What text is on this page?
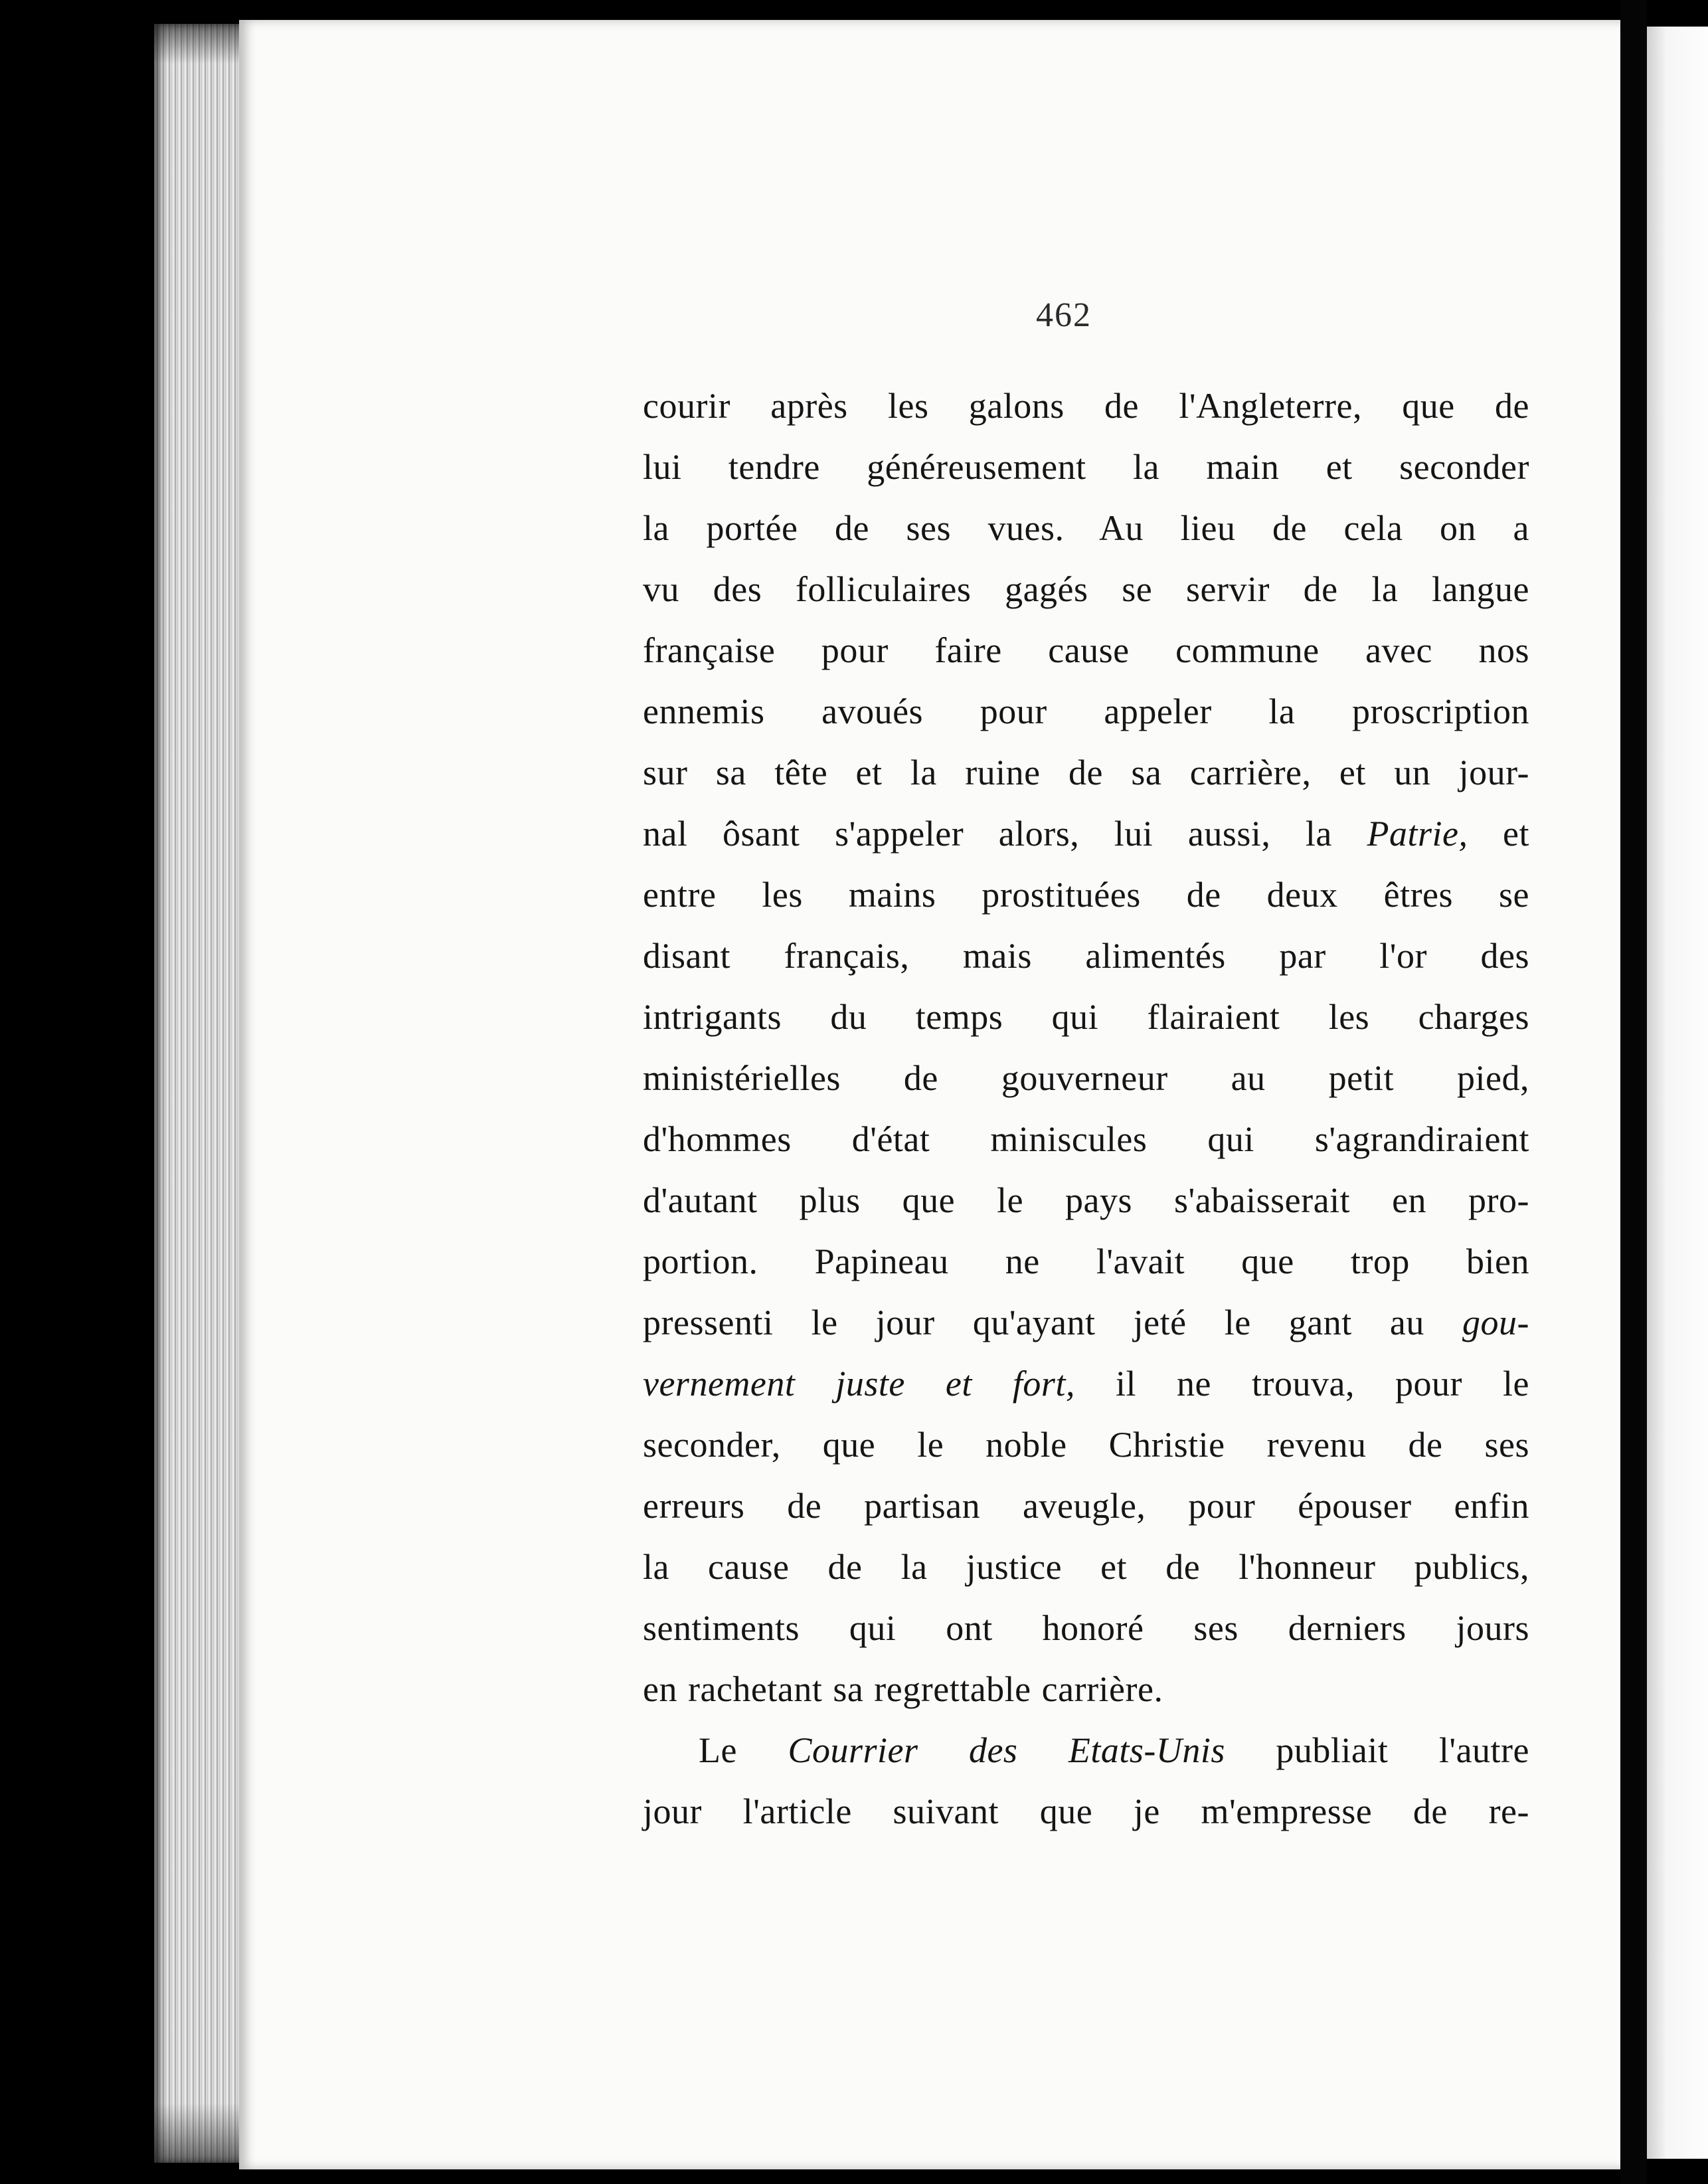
462
courir après les galons de l'Angleterre, que de
lui tendre généreusement la main et seconder
la portée de ses vues. Au lieu de cela on a
vu des folliculaires gagés se servir de la langue
française pour faire cause commune avec nos
ennemis avoués pour appeler la proscription
sur sa tête et la ruine de sa carrière, et un jour-
nal ôsant s'appeler alors, lui aussi, la Patrie, et
entre les mains prostituées de deux êtres se
disant français, mais alimentés par l'or des
intrigants du temps qui flairaient les charges
ministérielles de gouverneur au petit pied,
d'hommes d'état miniscules qui s'agrandiraient
d'autant plus que le pays s'abaisserait en pro-
portion. Papineau ne l'avait que trop bien
pressenti le jour qu'ayant jeté le gant au gou-
vernement juste et fort, il ne trouva, pour le
seconder, que le noble Christie revenu de ses
erreurs de partisan aveugle, pour épouser enfin
la cause de la justice et de l'honneur publics,
sentiments qui ont honoré ses derniers jours
en rachetant sa regrettable carrière.
Le Courrier des Etats-Unis publiait l'autre
jour l'article suivant que je m'empresse de re-
